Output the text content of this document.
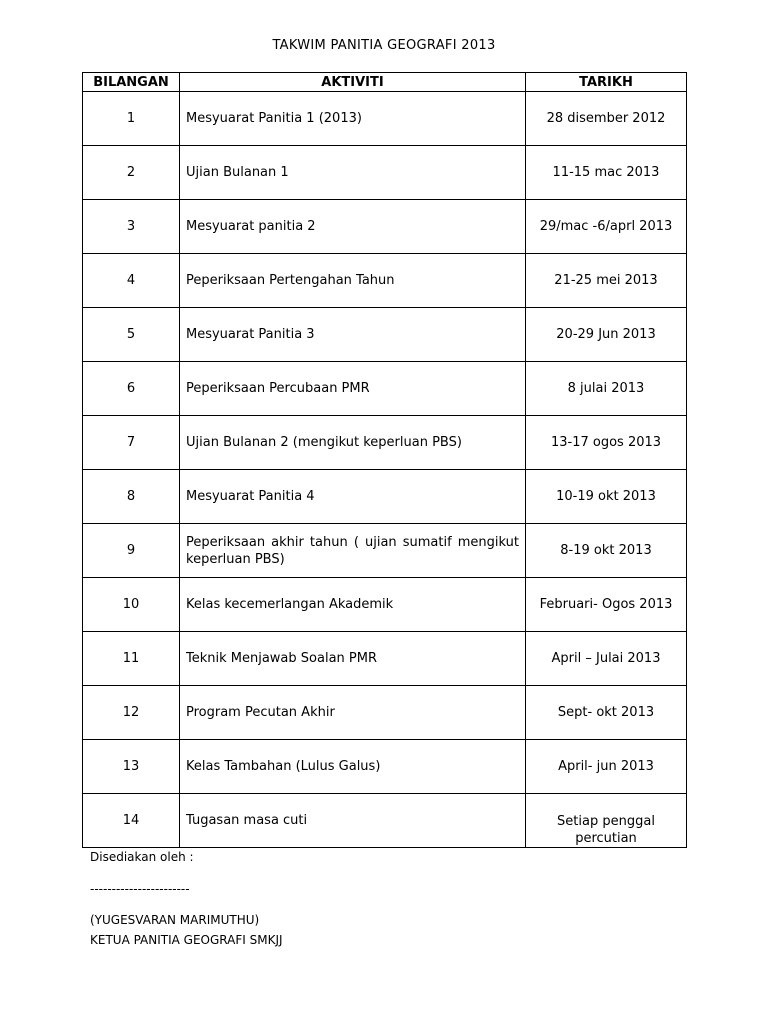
TAKWIM PANITIA GEOGRAFI 2013
BILANGAN	AKTIVITI	TARIKH
1	Mesyuarat Panitia 1 (2013)	28 disember 2012
2	Ujian Bulanan 1	11-15 mac 2013
3	Mesyuarat panitia 2	29/mac -6/aprl 2013
4	Peperiksaan Pertengahan Tahun	21-25 mei 2013
5	Mesyuarat Panitia 3	20-29 Jun 2013
6	Peperiksaan Percubaan PMR	8 julai 2013
7	Ujian Bulanan 2 (mengikut keperluan PBS)	13-17 ogos 2013
8	Mesyuarat Panitia 4	10-19 okt 2013
9	Peperiksaan akhir tahun ( ujian sumatif mengikut keperluan PBS)	8-19 okt 2013
10	Kelas kecemerlangan Akademik	Februari- Ogos 2013
11	Teknik Menjawab Soalan PMR	April – Julai 2013
12	Program Pecutan Akhir	Sept- okt 2013
13	Kelas Tambahan (Lulus Galus)	April- jun 2013
14	Tugasan masa cuti	Setiap penggal percutian
Disediakan oleh :
-----------------------
(YUGESVARAN MARIMUTHU)
KETUA PANITIA GEOGRAFI SMKJJ
